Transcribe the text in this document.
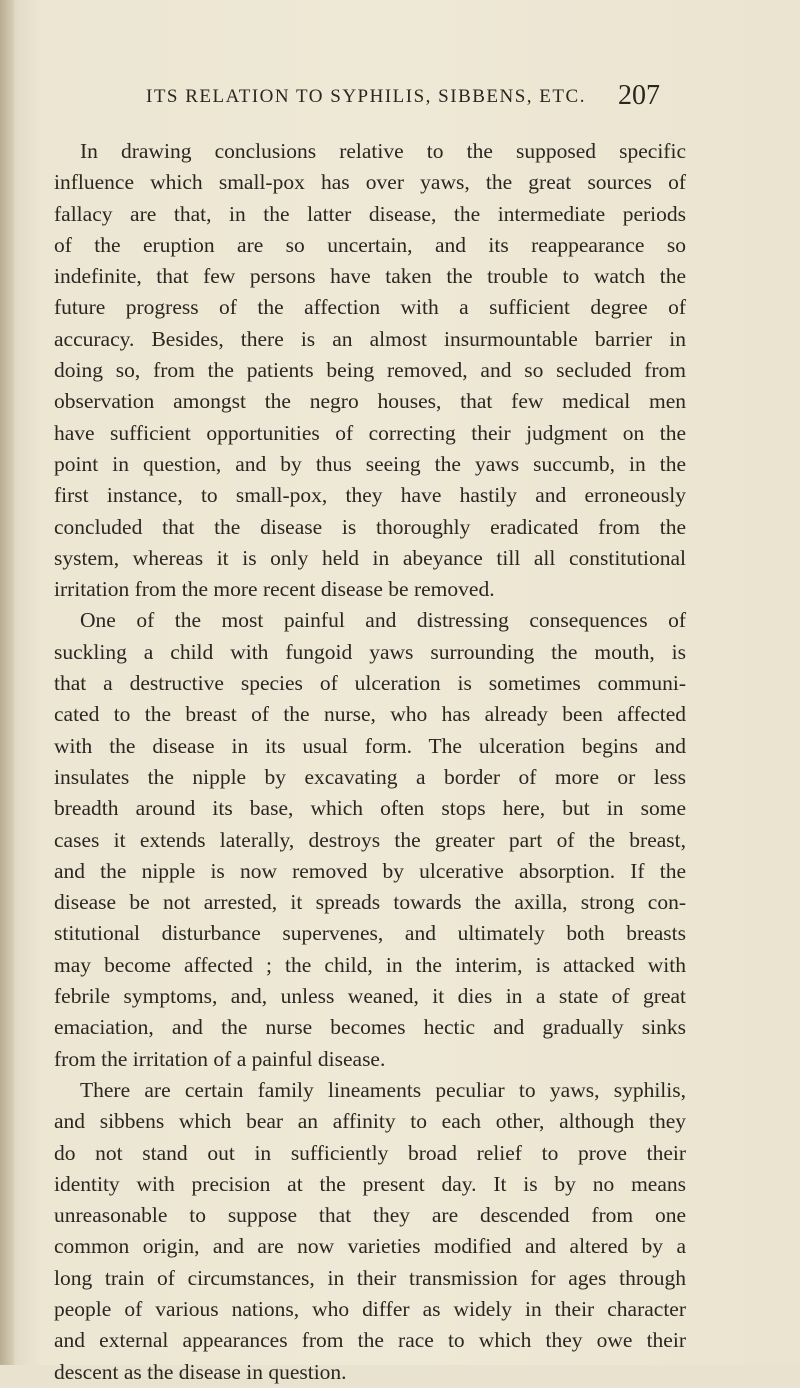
ITS RELATION TO SYPHILIS, SIBBENS, ETC. 207
In drawing conclusions relative to the supposed specific
influence which small-pox has over yaws, the great sources of
fallacy are that, in the latter disease, the intermediate periods
of the eruption are so uncertain, and its reappearance so
indefinite, that few persons have taken the trouble to watch the
future progress of the affection with a sufficient degree of
accuracy. Besides, there is an almost insurmountable barrier in
doing so, from the patients being removed, and so secluded from
observation amongst the negro houses, that few medical men
have sufficient opportunities of correcting their judgment on the
point in question, and by thus seeing the yaws succumb, in the
first instance, to small-pox, they have hastily and erroneously
concluded that the disease is thoroughly eradicated from the
system, whereas it is only held in abeyance till all constitutional
irritation from the more recent disease be removed.
One of the most painful and distressing consequences of
suckling a child with fungoid yaws surrounding the mouth, is
that a destructive species of ulceration is sometimes communi-
cated to the breast of the nurse, who has already been affected
with the disease in its usual form. The ulceration begins and
insulates the nipple by excavating a border of more or less
breadth around its base, which often stops here, but in some
cases it extends laterally, destroys the greater part of the breast,
and the nipple is now removed by ulcerative absorption. If the
disease be not arrested, it spreads towards the axilla, strong con-
stitutional disturbance supervenes, and ultimately both breasts
may become affected ; the child, in the interim, is attacked with
febrile symptoms, and, unless weaned, it dies in a state of great
emaciation, and the nurse becomes hectic and gradually sinks
from the irritation of a painful disease.
There are certain family lineaments peculiar to yaws, syphilis,
and sibbens which bear an affinity to each other, although they
do not stand out in sufficiently broad relief to prove their
identity with precision at the present day. It is by no means
unreasonable to suppose that they are descended from one
common origin, and are now varieties modified and altered by a
long train of circumstances, in their transmission for ages through
people of various nations, who differ as widely in their character
and external appearances from the race to which they owe their
descent as the disease in question.
